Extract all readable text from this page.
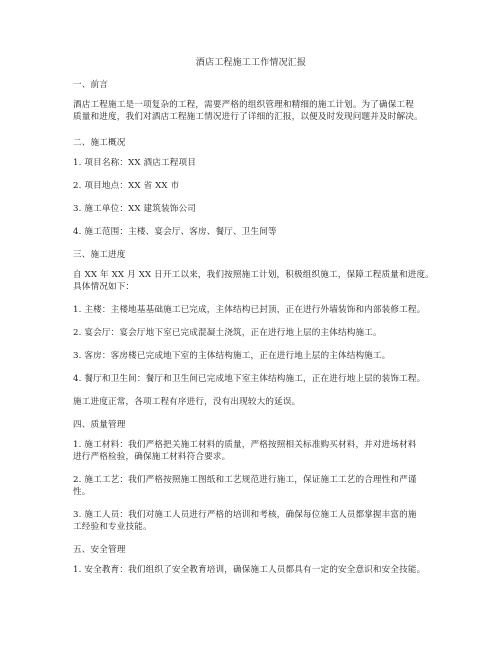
酒店工程施工工作情况汇报
一、前言
酒店工程施工是一项复杂的工程，需要严格的组织管理和精细的施工计划。为了确保工程
质量和进度，我们对酒店工程施工情况进行了详细的汇报，以便及时发现问题并及时解决。
二、施工概况
1. 项目名称：XX 酒店工程项目
2. 项目地点：XX 省 XX 市
3. 施工单位：XX 建筑装饰公司
4. 施工范围：主楼、宴会厅、客房、餐厅、卫生间等
三、施工进度
自 XX 年 XX 月 XX 日开工以来，我们按照施工计划，积极组织施工，保障工程质量和进度。
具体情况如下：
1. 主楼：主楼地基基础施工已完成，主体结构已封顶，正在进行外墙装饰和内部装修工程。
2. 宴会厅：宴会厅地下室已完成混凝土浇筑，正在进行地上层的主体结构施工。
3. 客房：客房楼已完成地下室的主体结构施工，正在进行地上层的主体结构施工。
4. 餐厅和卫生间：餐厅和卫生间已完成地下室主体结构施工，正在进行地上层的装饰工程。
施工进度正常，各项工程有序进行，没有出现较大的延误。
四、质量管理
1. 施工材料：我们严格把关施工材料的质量，严格按照相关标准购买材料，并对进场材料
进行严格检验，确保施工材料符合要求。
2. 施工工艺：我们严格按照施工图纸和工艺规范进行施工，保证施工工艺的合理性和严谨
性。
3. 施工人员：我们对施工人员进行严格的培训和考核，确保每位施工人员都掌握丰富的施
工经验和专业技能。
五、安全管理
1. 安全教育：我们组织了安全教育培训，确保施工人员都具有一定的安全意识和安全技能。
